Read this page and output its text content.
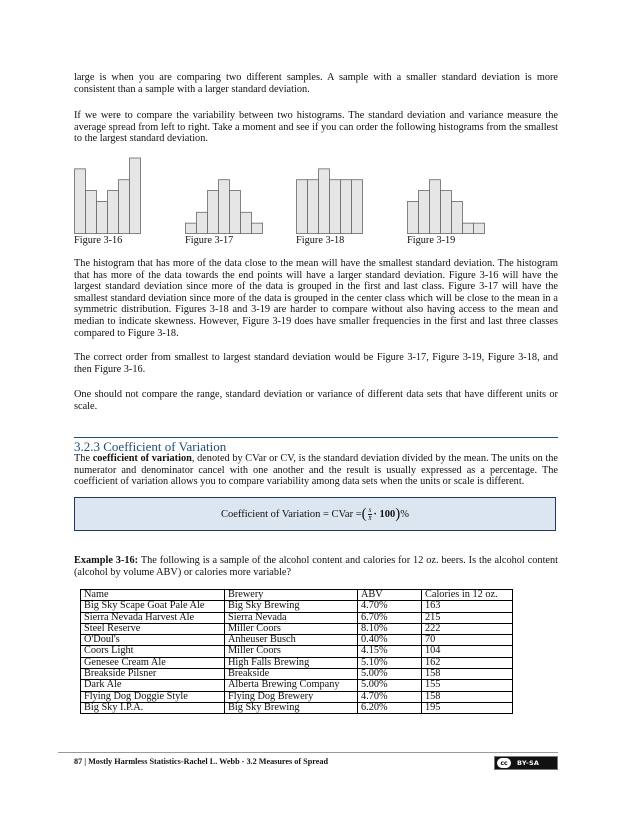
large is when you are comparing two different samples. A sample with a smaller standard deviation is more consistent than a sample with a larger standard deviation.

If we were to compare the variability between two histograms. The standard deviation and variance measure the average spread from left to right. Take a moment and see if you can order the following histograms from the smallest to the largest standard deviation.

Figure 3-16	Figure 3-17	Figure 3-18	Figure 3-19

The histogram that has more of the data close to the mean will have the smallest standard deviation. The histogram that has more of the data towards the end points will have a larger standard deviation. Figure 3-16 will have the largest standard deviation since more of the data is grouped in the first and last class. Figure 3-17 will have the smallest standard deviation since more of the data is grouped in the center class which will be close to the mean in a symmetric distribution. Figures 3-18 and 3-19 are harder to compare without also having access to the mean and median to indicate skewness. However, Figure 3-19 does have smaller frequencies in the first and last three classes compared to Figure 3-18.

The correct order from smallest to largest standard deviation would be Figure 3-17, Figure 3-19, Figure 3-18, and then Figure 3-16.

One should not compare the range, standard deviation or variance of different data sets that have different units or scale.

3.2.3 Coefficient of Variation

The coefficient of variation, denoted by CVar or CV, is the standard deviation divided by the mean. The units on the numerator and denominator cancel with one another and the result is usually expressed as a percentage. The coefficient of variation allows you to compare variability among data sets when the units or scale is different.

Coefficient of Variation = CVar = ( $\frac{s}{x̄} \cdot 100$ ) %

Example 3-16: The following is a sample of the alcohol content and calories for 12 oz. beers. Is the alcohol content (alcohol by volume ABV) or calories more variable?

Name	Brewery	ABV	Calories in 12 oz.
Big Sky Scape Goat Pale Ale	Big Sky Brewing	4.70%	163
Sierra Nevada Harvest Ale	Sierra Nevada	6.70%	215
Steel Reserve	Miller Coors	8.10%	222
O'Doul's	Anheuser Busch	0.40%	70
Coors Light	Miller Coors	4.15%	104
Genesee Cream Ale	High Falls Brewing	5.10%	162
Breakside Pilsner	Breakside	5.00%	158
Dark Ale	Alberta Brewing Company	5.00%	155
Flying Dog Doggie Style	Flying Dog Brewery	4.70%	158
Big Sky I.P.A.	Big Sky Brewing	6.20%	195
87 | Mostly Harmless Statistics-Rachel L. Webb - 3.2 Measures of Spread	cc	BY-SA
